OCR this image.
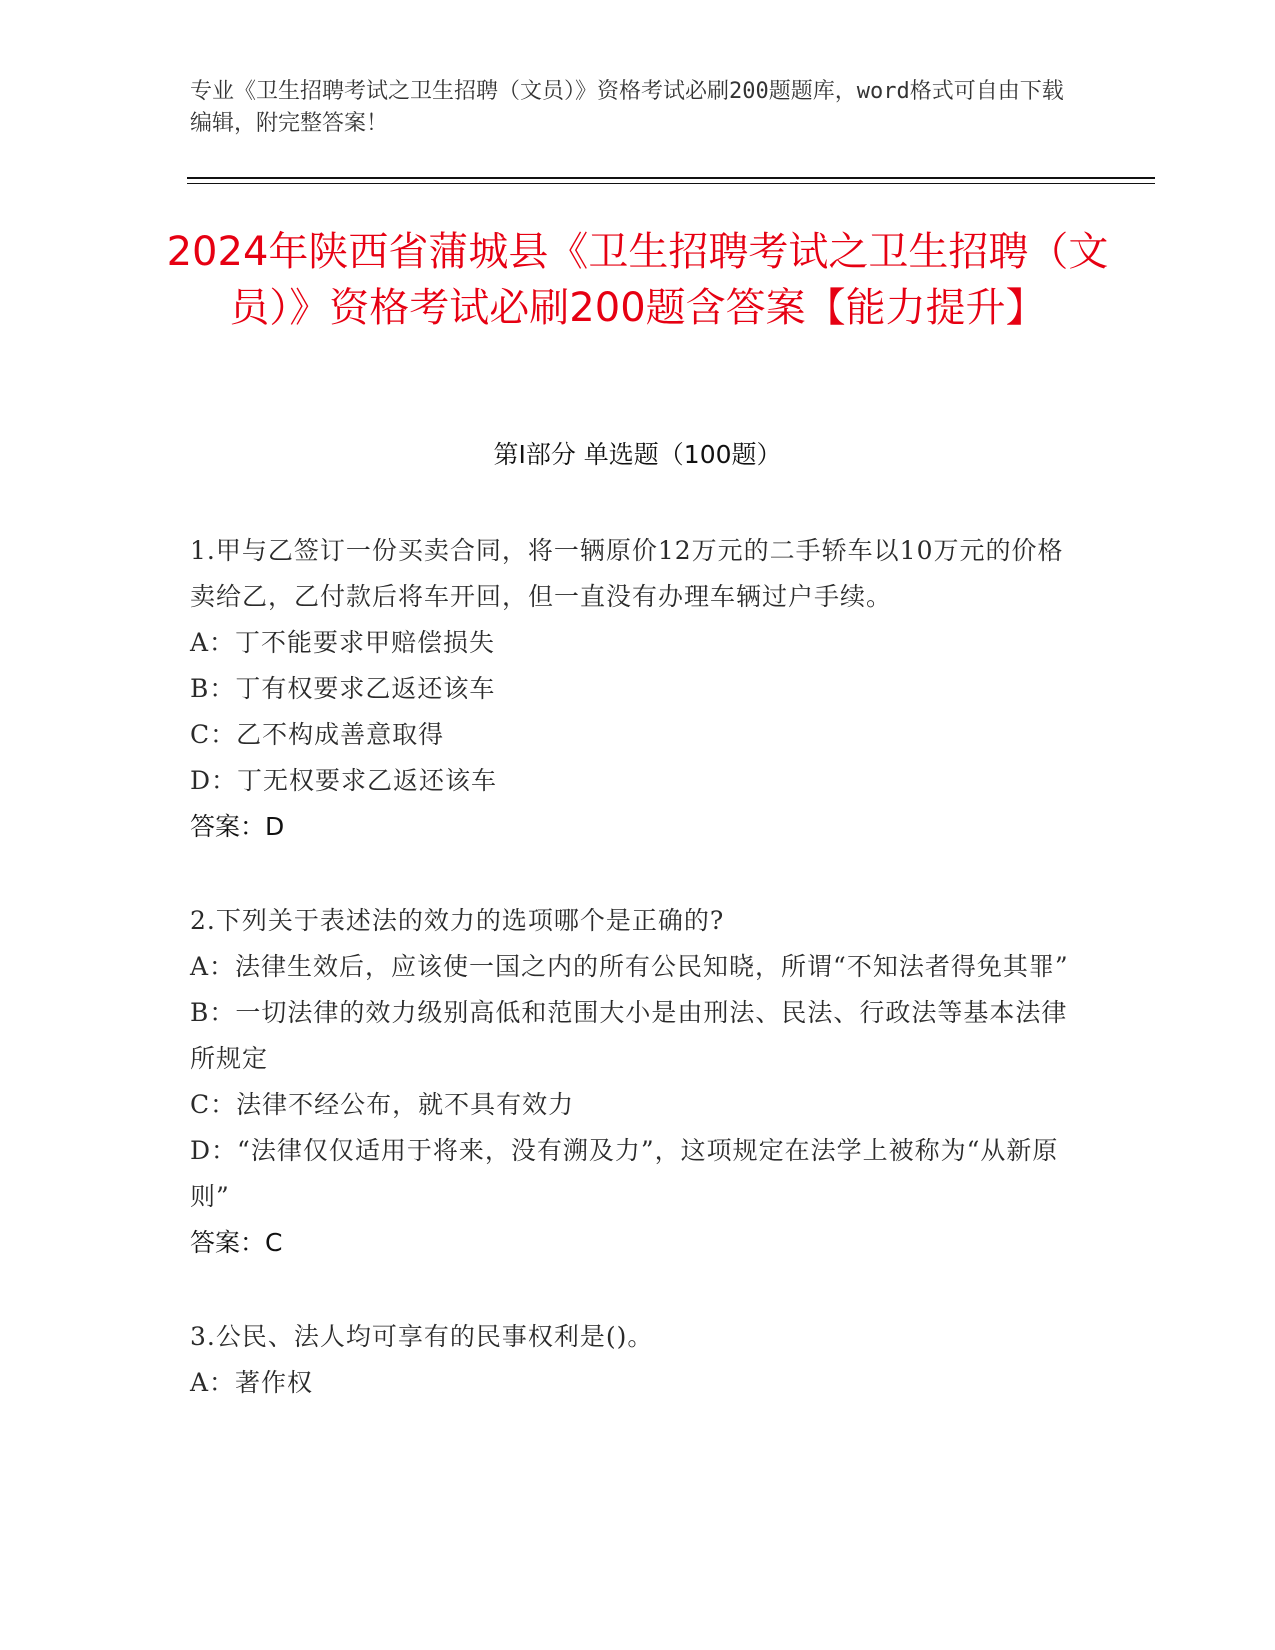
专业《卫生招聘考试之卫生招聘（文员）》资格考试必刷200题题库，word格式可自由下载编辑，附完整答案！
2024年陕西省蒲城县《卫生招聘考试之卫生招聘（文员）》资格考试必刷200题含答案【能力提升】
第Ⅰ部分 单选题（100题）

1.甲与乙签订一份买卖合同，将一辆原价12万元的二手轿车以10万元的价格卖给乙，乙付款后将车开回，但一直没有办理车辆过户手续。

A：丁不能要求甲赔偿损失

B：丁有权要求乙返还该车

C：乙不构成善意取得

D：丁无权要求乙返还该车

答案：D

2.下列关于表述法的效力的选项哪个是正确的?

A：法律生效后，应该使一国之内的所有公民知晓，所谓“不知法者得免其罪”

B：一切法律的效力级别高低和范围大小是由刑法、民法、行政法等基本法律所规定

C：法律不经公布，就不具有效力

D：“法律仅仅适用于将来，没有溯及力”，这项规定在法学上被称为“从新原则”

答案：C

3.公民、法人均可享有的民事权利是()。

A：著作权
